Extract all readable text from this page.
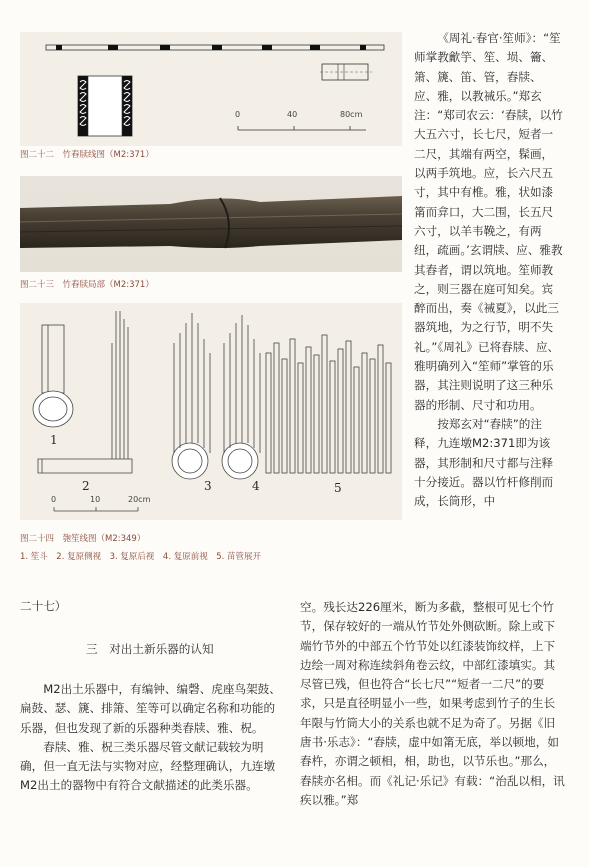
0	40	80cm
图二十二　竹舂牍线图（M2:371）
图二十三　竹舂牍局部（M2:371）
1
2	3	4	5
0	10	20cm
图二十四　匏笙线图（M2:349）
1. 笙斗　2. 复原侧视　3. 复原后视　4. 复原前视　5. 苗管展开

《周礼·春官·笙师》：“笙师掌教龡竽、笙、埙、籥、箫、篪、笛、管，舂牍、应、雅，以教祴乐。”郑玄注：“郑司农云：‘舂牍，以竹大五六寸，长七尺，短者一二尺，其端有两空，髹画，以两手筑地。应，长六尺五寸，其中有椎。雅，状如漆筩而弇口，大二围，长五尺六寸，以羊韦鞔之，有两纽，疏画。’玄谓牍、应、雅教其舂者，谓以筑地。笙师教之，则三器在庭可知矣。宾醉而出，奏《祴夏》，以此三器筑地，为之行节，明不失礼。”《周礼》已将舂牍、应、雅明确列入“笙师”掌管的乐器，其注则说明了这三种乐器的形制、尺寸和功用。

按郑玄对“舂牍”的注释，九连墩M2:371即为该器，其形制和尺寸都与注释十分接近。器以竹杆修削而成，长筒形，中

二十七）
三　对出土新乐器的认知

M2出土乐器中，有编钟、编磬、虎座鸟架鼓、扁鼓、瑟、篪、排箫、笙等可以确定名称和功能的乐器，但也发现了新的乐器种类舂牍、雅、柷。

舂牍、雅、柷三类乐器尽管文献记载较为明确，但一直无法与实物对应，经整理确认，九连墩M2出土的器物中有符合文献描述的此类乐器。

空。残长达226厘米，断为多截，整根可见七个竹节，保存较好的一端从竹节处外侧砍断。除上或下端竹节外的中部五个竹节处以红漆装饰纹样，上下边绘一周对称连续斜角卷云纹，中部红漆填实。其尽管已残，但也符合“长七尺”“短者一二尺”的要求，只是直径明显小一些，如果考虑到竹子的生长年限与竹筒大小的关系也就不足为奇了。另据《旧唐书·乐志》：“舂牍，虚中如筩无底，举以顿地，如舂杵，亦谓之顿相，相，助也，以节乐也。”那么，舂牍亦名相。而《礼记·乐记》有载：“治乱以相，讯疾以雅。”郑
